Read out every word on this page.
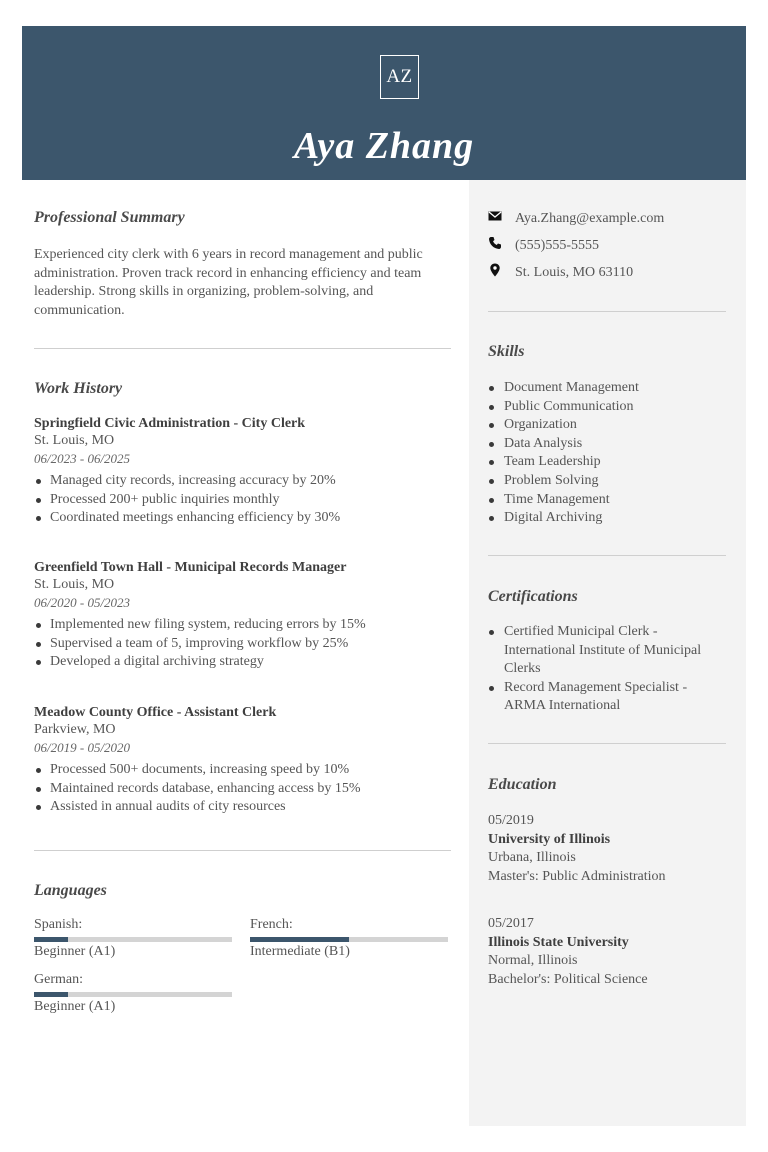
AZ
Aya Zhang
Professional Summary
Experienced city clerk with 6 years in record management and public administration. Proven track record in enhancing efficiency and team leadership. Strong skills in organizing, problem-solving, and communication.
Work History
Springfield Civic Administration - City Clerk
St. Louis, MO
06/2023 - 06/2025
Managed city records, increasing accuracy by 20%
Processed 200+ public inquiries monthly
Coordinated meetings enhancing efficiency by 30%
Greenfield Town Hall - Municipal Records Manager
St. Louis, MO
06/2020 - 05/2023
Implemented new filing system, reducing errors by 15%
Supervised a team of 5, improving workflow by 25%
Developed a digital archiving strategy
Meadow County Office - Assistant Clerk
Parkview, MO
06/2019 - 05/2020
Processed 500+ documents, increasing speed by 10%
Maintained records database, enhancing access by 15%
Assisted in annual audits of city resources
Languages
Spanish:
Beginner (A1)
French:
Intermediate (B1)
German:
Beginner (A1)
Aya.Zhang@example.com
(555)555-5555
St. Louis, MO 63110
Skills
Document Management
Public Communication
Organization
Data Analysis
Team Leadership
Problem Solving
Time Management
Digital Archiving
Certifications
Certified Municipal Clerk - International Institute of Municipal Clerks
Record Management Specialist - ARMA International
Education
05/2019
University of Illinois
Urbana, Illinois
Master's: Public Administration
05/2017
Illinois State University
Normal, Illinois
Bachelor's: Political Science
